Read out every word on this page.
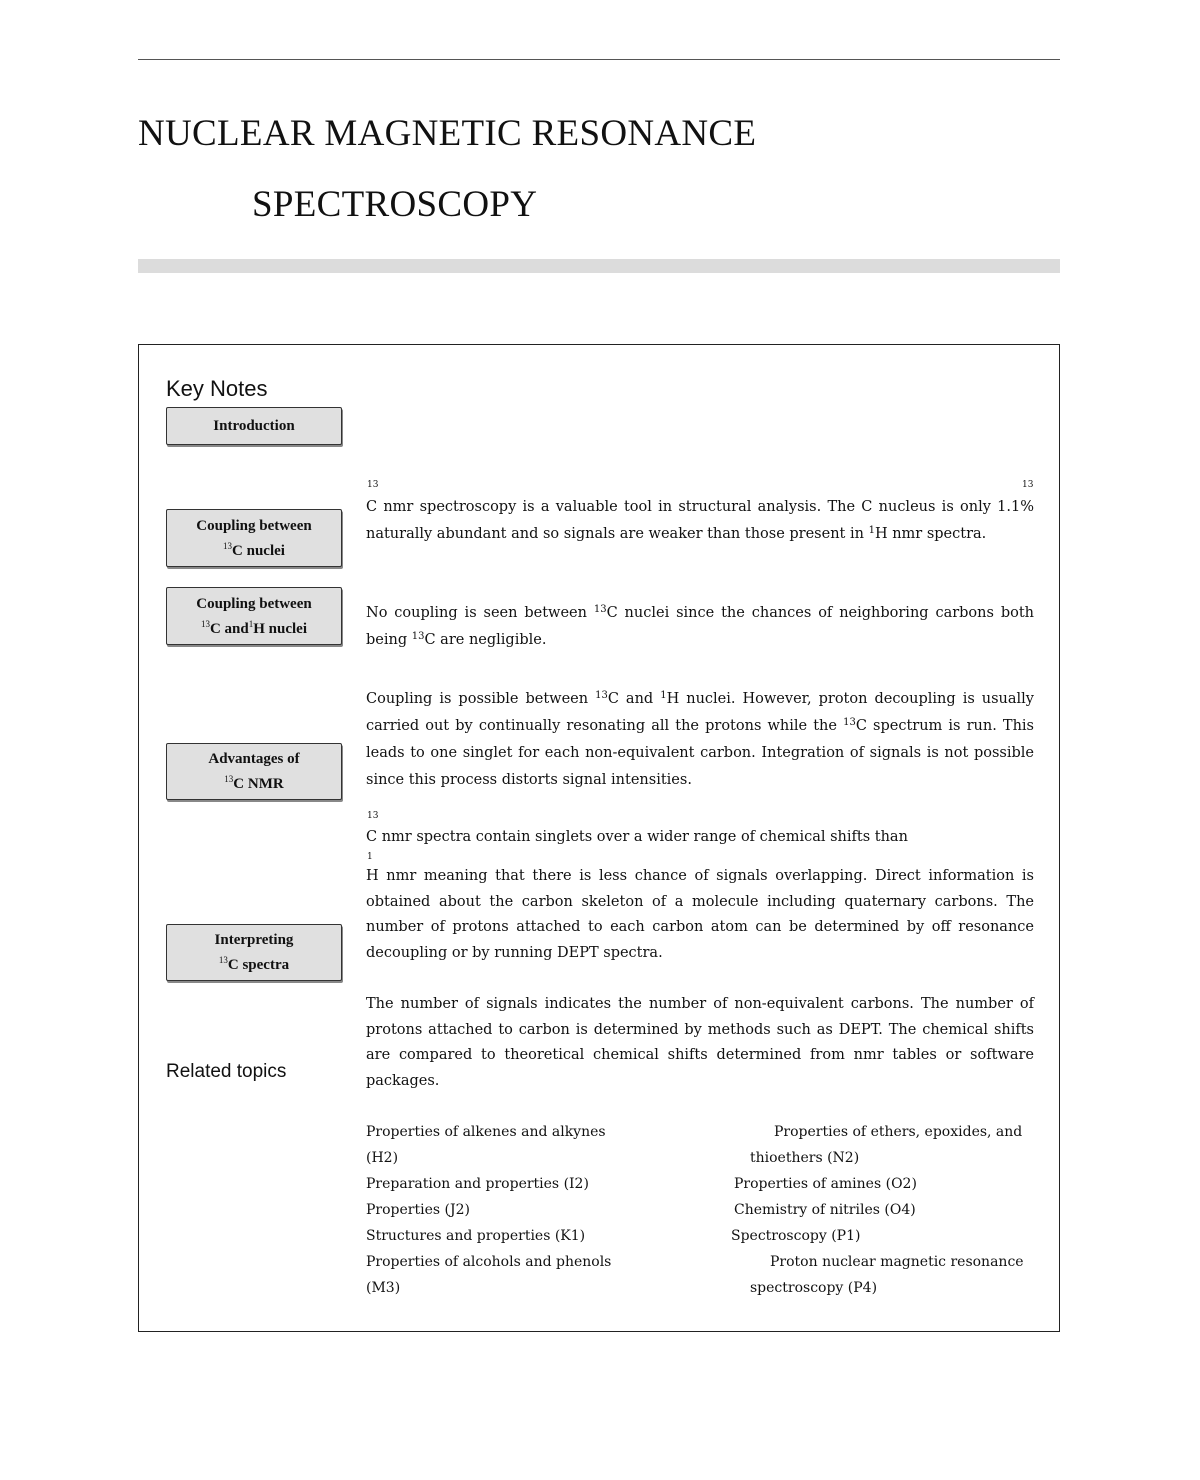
NUCLEAR MAGNETIC RESONANCE
SPECTROSCOPY
Key Notes
Introduction
Coupling between
$^{13}$C nuclei
Coupling between
$^{13}$C and$^1$H nuclei
Advantages of
$^{13}$C NMR
Interpreting
$^{13}$C spectra
13	13
C nmr spectroscopy is a valuable tool in structural analysis. The C nucleus is only 1.1% naturally abundant and so signals are weaker than those present in $^1$H nmr spectra.
No coupling is seen between $^{13}$C nuclei since the chances of neighboring carbons both being $^{13}$C are negligible.
Coupling is possible between $^{13}$C and $^1$H nuclei. However, proton decoupling is usually carried out by continually resonating all the protons while the $^{13}$C spectrum is run. This leads to one singlet for each non-equivalent carbon. Integration of signals is not possible since this process distorts signal intensities.
13
C nmr spectra contain singlets over a wider range of chemical shifts than
1
H nmr meaning that there is less chance of signals overlapping. Direct information is obtained about the carbon skeleton of a molecule including quaternary carbons. The number of protons attached to each carbon atom can be determined by off resonance decoupling or by running DEPT spectra.
The number of signals indicates the number of non-equivalent carbons. The number of protons attached to carbon is determined by methods such as DEPT. The chemical shifts are compared to theoretical chemical shifts determined from nmr tables or software packages.
Related topics
Properties of alkenes and alkynes
(H2)
Preparation and properties (I2)
Properties (J2)
Structures and properties (K1)
Properties of alcohols and phenols
(M3)
Properties of ethers, epoxides, and
thioethers (N2)
Properties of amines (O2)
Chemistry of nitriles (O4)
Spectroscopy (P1)
Proton nuclear magnetic resonance
spectroscopy (P4)
